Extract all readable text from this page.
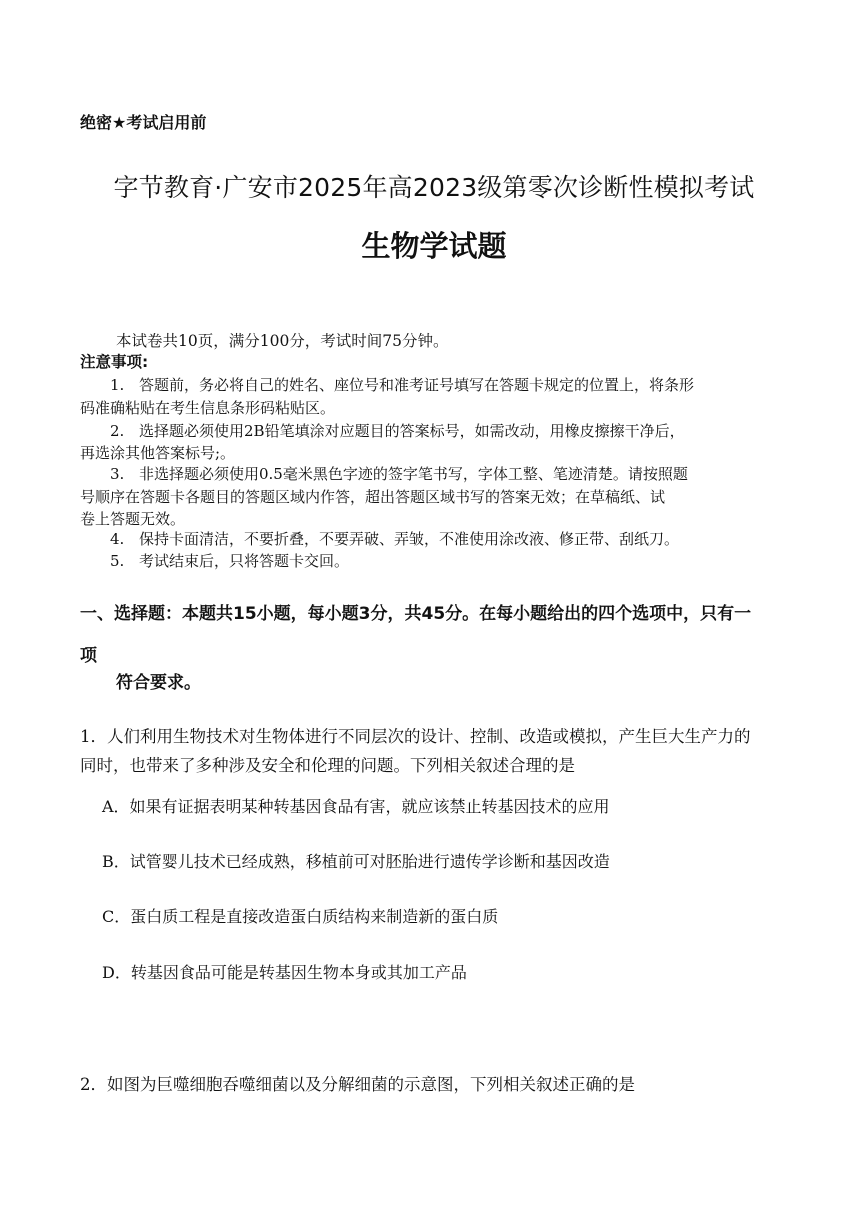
绝密★考试启用前
字节教育·广安市2025年高2023级第零次诊断性模拟考试
生物学试题
本试卷共10页，满分100分，考试时间75分钟。
注意事项:
1. 答题前，务必将自己的姓名、座位号和准考证号填写在答题卡规定的位置上，将条形
码准确粘贴在考生信息条形码粘贴区。
2. 选择题必须使用2B铅笔填涂对应题目的答案标号，如需改动，用橡皮擦擦干净后，
再选涂其他答案标号;。
3. 非选择题必须使用0.5毫米黑色字迹的签字笔书写，字体工整、笔迹清楚。请按照题
号顺序在答题卡各题目的答题区域内作答，超出答题区域书写的答案无效；在草稿纸、试
卷上答题无效。
4. 保持卡面清洁，不要折叠，不要弄破、弄皱，不准使用涂改液、修正带、刮纸刀。
5. 考试结束后，只将答题卡交回。
一、选择题：本题共15小题，每小题3分，共45分。在每小题给出的四个选项中，只有一
项
符合要求。
1．人们利用生物技术对生物体进行不同层次的设计、控制、改造或模拟，产生巨大生产力的
同时，也带来了多种涉及安全和伦理的问题。下列相关叙述合理的是
A．如果有证据表明某种转基因食品有害，就应该禁止转基因技术的应用
B．试管婴儿技术已经成熟，移植前可对胚胎进行遗传学诊断和基因改造
C．蛋白质工程是直接改造蛋白质结构来制造新的蛋白质
D．转基因食品可能是转基因生物本身或其加工产品
2．如图为巨噬细胞吞噬细菌以及分解细菌的示意图，下列相关叙述正确的是
